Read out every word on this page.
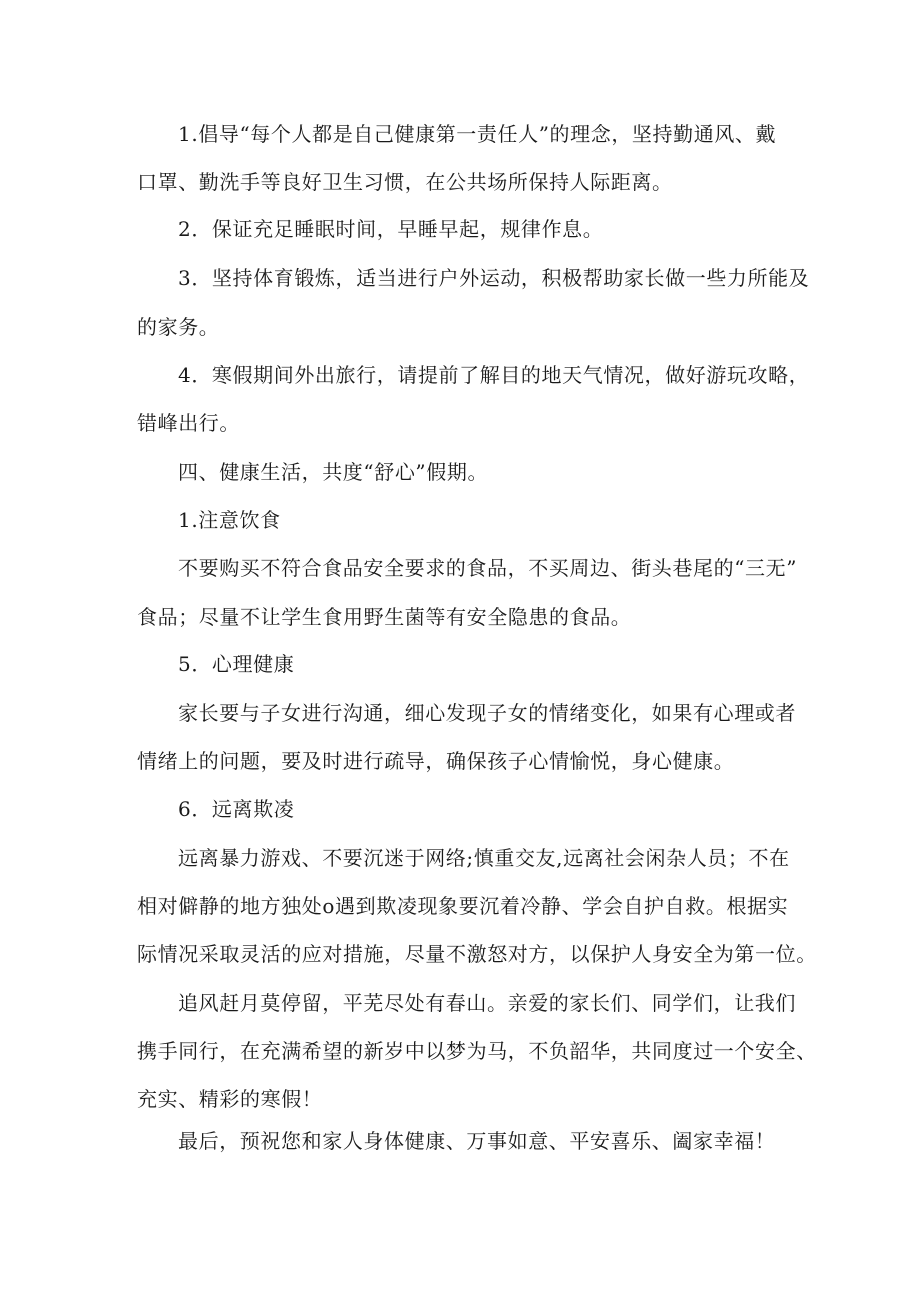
1.倡导“每个人都是自己健康第一责任人”的理念，坚持勤通风、戴
口罩、勤洗手等良好卫生习惯，在公共场所保持人际距离。
2．保证充足睡眠时间，早睡早起，规律作息。
3．坚持体育锻炼，适当进行户外运动，积极帮助家长做一些力所能及
的家务。
4．寒假期间外出旅行，请提前了解目的地天气情况，做好游玩攻略，
错峰出行。
四、健康生活，共度“舒心”假期。
1.注意饮食
不要购买不符合食品安全要求的食品，不买周边、街头巷尾的“三无”
食品；尽量不让学生食用野生菌等有安全隐患的食品。
5．心理健康
家长要与子女进行沟通，细心发现子女的情绪变化，如果有心理或者
情绪上的问题，要及时进行疏导，确保孩子心情愉悦，身心健康。
6．远离欺凌
远离暴力游戏、不要沉迷于网络;慎重交友,远离社会闲杂人员；不在
相对僻静的地方独处o遇到欺凌现象要沉着冷静、学会自护自救。根据实
际情况采取灵活的应对措施，尽量不激怒对方，以保护人身安全为第一位。
追风赶月莫停留，平芜尽处有春山。亲爱的家长们、同学们，让我们
携手同行，在充满希望的新岁中以梦为马，不负韶华，共同度过一个安全、
充实、精彩的寒假！
最后，预祝您和家人身体健康、万事如意、平安喜乐、阖家幸福！
